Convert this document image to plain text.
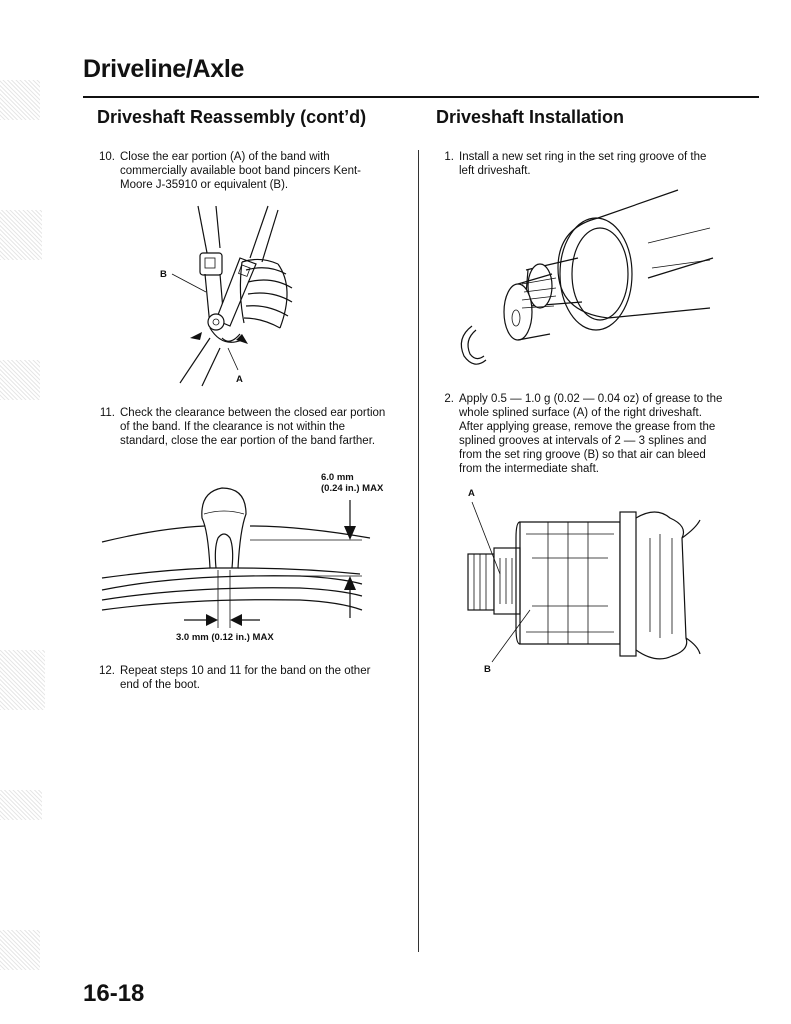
Driveline/Axle
Driveshaft Reassembly (cont’d)	Driveshaft Installation
10. Close the ear portion (A) of the band with
commercially available boot band pincers Kent-
Moore J-35910 or equivalent (B).
B
A
11. Check the clearance between the closed ear portion
of the band. If the clearance is not within the
standard, close the ear portion of the band farther.
6.0 mm
(0.24 in.) MAX
3.0 mm (0.12 in.) MAX
12. Repeat steps 10 and 11 for the band on the other
end of the boot.
1. Install a new set ring in the set ring groove of the
left driveshaft.
2. Apply 0.5 — 1.0 g (0.02 — 0.04 oz) of grease to the
whole splined surface (A) of the right driveshaft.
After applying grease, remove the grease from the
splined grooves at intervals of 2 — 3 splines and
from the set ring groove (B) so that air can bleed
from the intermediate shaft.
A
B
16-18
